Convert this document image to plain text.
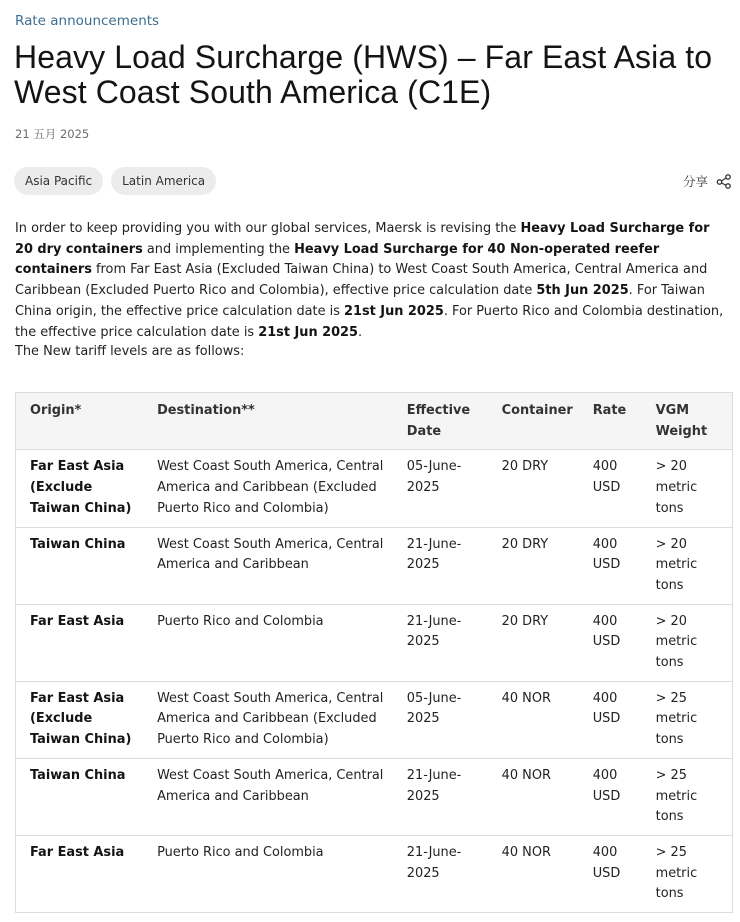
Rate announcements
Heavy Load Surcharge (HWS) – Far East Asia to West Coast South America (C1E)
21 五月 2025
Asia Pacific	Latin America	分享

In order to keep providing you with our global services, Maersk is revising the Heavy Load Surcharge for 20 dry containers and implementing the Heavy Load Surcharge for 40 Non-operated reefer containers from Far East Asia (Excluded Taiwan China) to West Coast South America, Central America and Caribbean (Excluded Puerto Rico and Colombia), effective price calculation date 5th Jun 2025. For Taiwan China origin, the effective price calculation date is 21st Jun 2025. For Puerto Rico and Colombia destination, the effective price calculation date is 21st Jun 2025.

The New tariff levels are as follows:

Origin*	Destination**	Effective Date	Container	Rate	VGM Weight
Far East Asia (Exclude Taiwan China)	West Coast South America, Central America and Caribbean (Excluded Puerto Rico and Colombia)	05-June-2025	20 DRY	400 USD	> 20 metric tons
Taiwan China	West Coast South America, Central America and Caribbean	21-June-2025	20 DRY	400 USD	> 20 metric tons
Far East Asia	Puerto Rico and Colombia	21-June-2025	20 DRY	400 USD	> 20 metric tons
Far East Asia (Exclude Taiwan China)	West Coast South America, Central America and Caribbean (Excluded Puerto Rico and Colombia)	05-June-2025	40 NOR	400 USD	> 25 metric tons
Taiwan China	West Coast South America, Central America and Caribbean	21-June-2025	40 NOR	400 USD	> 25 metric tons
Far East Asia	Puerto Rico and Colombia	21-June-2025	40 NOR	400 USD	> 25 metric tons
